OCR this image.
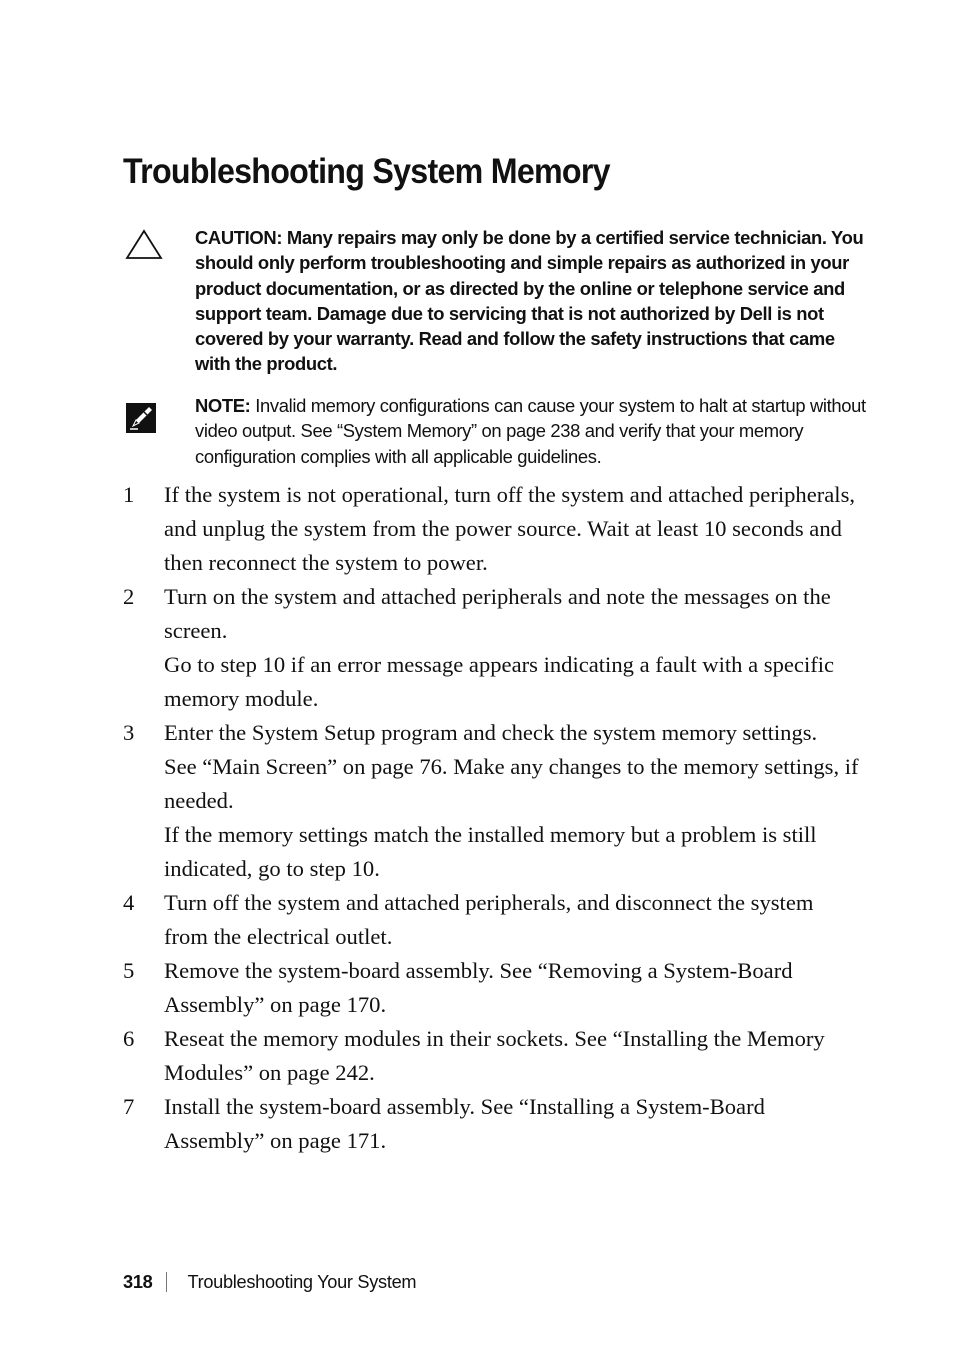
Troubleshooting System Memory
CAUTION: Many repairs may only be done by a certified service technician. You should only perform troubleshooting and simple repairs as authorized in your product documentation, or as directed by the online or telephone service and support team. Damage due to servicing that is not authorized by Dell is not covered by your warranty. Read and follow the safety instructions that came with the product.
NOTE: Invalid memory configurations can cause your system to halt at startup without video output. See “System Memory” on page 238 and verify that your memory configuration complies with all applicable guidelines.
1 If the system is not operational, turn off the system and attached peripherals, and unplug the system from the power source. Wait at least 10 seconds and then reconnect the system to power.

2 Turn on the system and attached peripherals and note the messages on the screen.

Go to step 10 if an error message appears indicating a fault with a specific memory module.

3 Enter the System Setup program and check the system memory settings.

See “Main Screen” on page 76. Make any changes to the memory settings, if needed.

If the memory settings match the installed memory but a problem is still indicated, go to step 10.

4 Turn off the system and attached peripherals, and disconnect the system from the electrical outlet.

5 Remove the system-board assembly. See “Removing a System-Board Assembly” on page 170.

6 Reseat the memory modules in their sockets. See “Installing the Memory Modules” on page 242.

7 Install the system-board assembly. See “Installing a System-Board Assembly” on page 171.

318 Troubleshooting Your System
